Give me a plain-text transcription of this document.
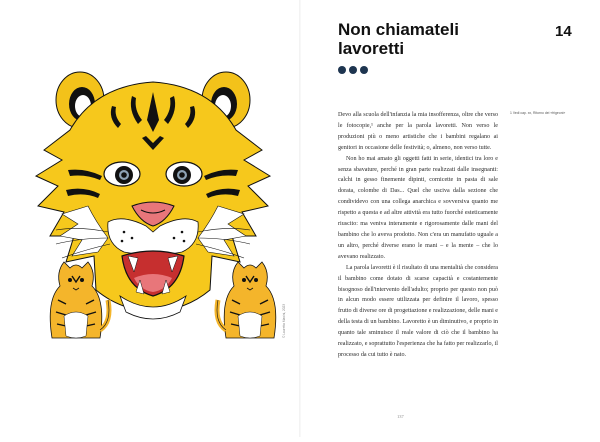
© Lauretta Manini, 2023
Non chiamateli lavoretti
14

Devo alla scuola dell'infanzia la mia insofferenza, oltre che verso le fotocopie,¹ anche per la parola lavoretti. Non verso le produzioni più o meno artistiche che i bambini regalano ai genitori in occasione delle festività; o, almeno, non verso tutte.

Non ho mai amato gli oggetti fatti in serie, identici tra loro e senza sbavature, perché in gran parte realizzati dalle insegnanti: calchi in gesso finemente dipinti, cornicette in pasta di sale dorata, colombe di Das... Quel che usciva dalla sezione che condividevo con una collega anarchica e sovversiva quanto me rispetto a questa e ad altre attività era tutto fuorché esteticamente riuscito: ma veniva interamente e rigorosamente dalle mani del bambino che lo aveva prodotto. Non c'era un manufatto uguale a un altro, perché diverse erano le mani – e la mente – che lo avevano realizzato.

La parola lavoretti è il risultato di una mentalità che considera il bambino come dotato di scarse capacità e costantemente bisognoso dell'intervento dell'adulto; proprio per questo non può in alcun modo essere utilizzata per definire il lavoro, spesso frutto di diverse ore di progettazione e realizzazione, delle mani e della testa di un bambino. Lavoretto è un diminutivo, e proprio in quanto tale sminuisce il reale valore di ciò che il bambino ha realizzato, e soprattutto l'esperienza che ha fatto per realizzarlo, il processo da cui tutto è nato.

1 Vedi cap. xx, Ritorno dei «frigeoni»
137
